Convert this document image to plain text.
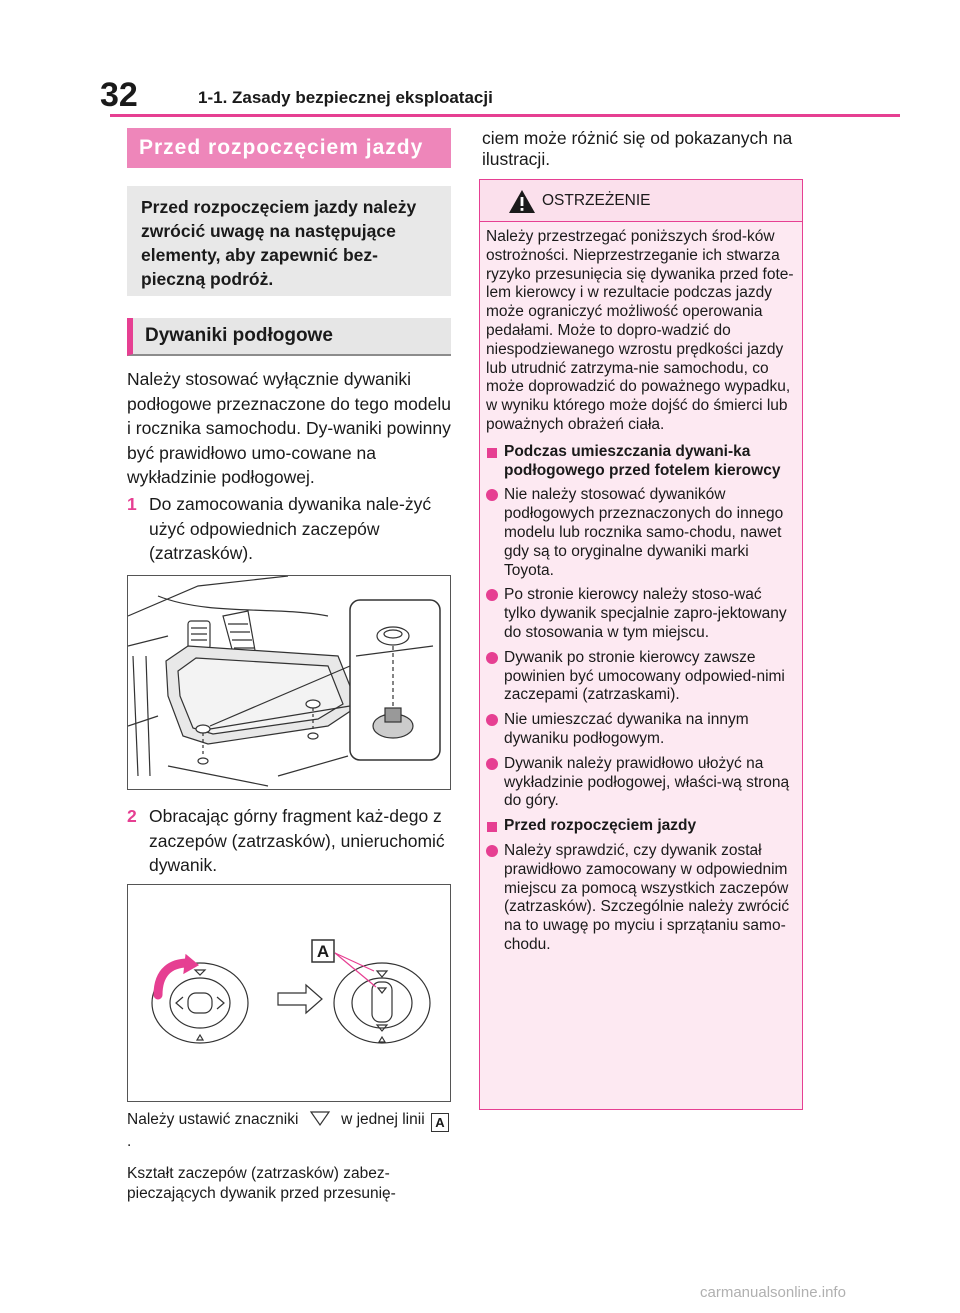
32	1-1. Zasady bezpiecznej eksploatacji
Przed rozpoczęciem jazdy
Przed rozpoczęciem jazdy należy zwrócić uwagę na następujące elementy, aby zapewnić bez-pieczną podróż.
Dywaniki podłogowe
Należy stosować wyłącznie dywaniki podłogowe przeznaczone do tego modelu i rocznika samochodu. Dy-waniki powinny być prawidłowo umo-cowane na wykładzinie podłogowej.
1 Do zamocowania dywanika nale-żyć użyć odpowiednich zaczepów (zatrzasków).
2 Obracając górny fragment każ-dego z zaczepów (zatrzasków), unieruchomić dywanik.
A
Należy ustawić znaczniki	w jednej linii A.
Kształt zaczepów (zatrzasków) zabez-pieczających dywanik przed przesunię-
ciem może różnić się od pokazanych na ilustracji.
OSTRZEŻENIE

Należy przestrzegać poniższych środ-ków ostrożności. Nieprzestrzeganie ich stwarza ryzyko przesunięcia się dywanika przed fote-lem kierowcy i w rezultacie podczas jazdy może ograniczyć możliwość operowania pedałami. Może to dopro-wadzić do niespodziewanego wzrostu prędkości jazdy lub utrudnić zatrzyma-nie samochodu, co może doprowadzić do poważnego wypadku, w wyniku którego może dojść do śmierci lub poważnych obrażeń ciała.

Podczas umieszczania dywani-ka podłogowego przed fotelem kierowcy
Nie należy stosować dywaników podłogowych przeznaczonych do innego modelu lub rocznika samo-chodu, nawet gdy są to oryginalne dywaniki marki Toyota.
Po stronie kierowcy należy stoso-wać tylko dywanik specjalnie zapro-jektowany do stosowania w tym miejscu.
Dywanik po stronie kierowcy zawsze powinien być umocowany odpowied-nimi zaczepami (zatrzaskami).
Nie umieszczać dywanika na innym dywaniku podłogowym.
Dywanik należy prawidłowo ułożyć na wykładzinie podłogowej, właści-wą stroną do góry.
Przed rozpoczęciem jazdy
Należy sprawdzić, czy dywanik został prawidłowo zamocowany w odpowiednim miejscu za pomocą wszystkich zaczepów (zatrzasków). Szczególnie należy zwrócić na to uwagę po myciu i sprzątaniu samo-chodu.
carmanualsonline.info
